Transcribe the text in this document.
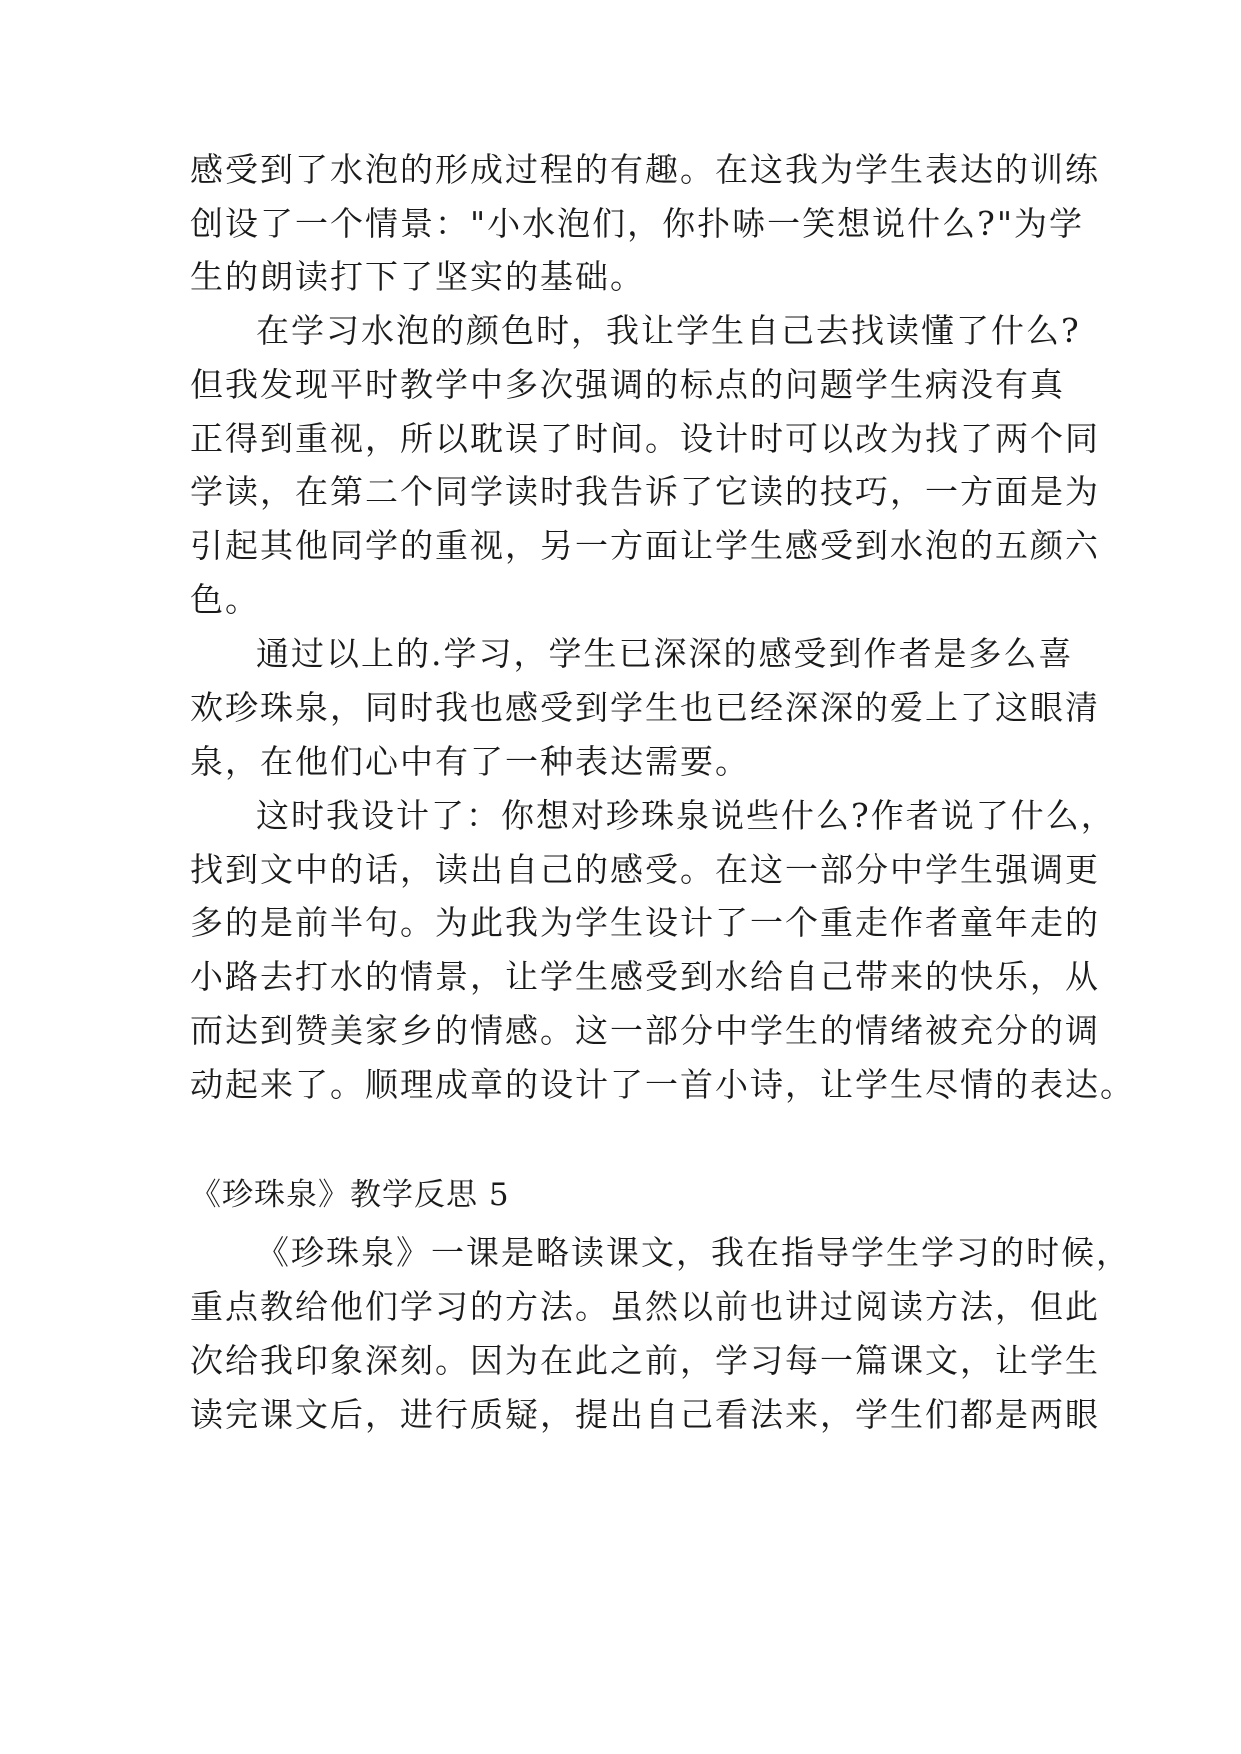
感受到了水泡的形成过程的有趣。在这我为学生表达的训练
创设了一个情景："小水泡们，你扑哧一笑想说什么?"为学
生的朗读打下了坚实的基础。
在学习水泡的颜色时，我让学生自己去找读懂了什么?
但我发现平时教学中多次强调的标点的问题学生病没有真
正得到重视，所以耽误了时间。设计时可以改为找了两个同
学读，在第二个同学读时我告诉了它读的技巧，一方面是为
引起其他同学的重视，另一方面让学生感受到水泡的五颜六
色。
通过以上的.学习，学生已深深的感受到作者是多么喜
欢珍珠泉，同时我也感受到学生也已经深深的爱上了这眼清
泉，在他们心中有了一种表达需要。
这时我设计了：你想对珍珠泉说些什么?作者说了什么，
找到文中的话，读出自己的感受。在这一部分中学生强调更
多的是前半句。为此我为学生设计了一个重走作者童年走的
小路去打水的情景，让学生感受到水给自己带来的快乐，从
而达到赞美家乡的情感。这一部分中学生的情绪被充分的调
动起来了。顺理成章的设计了一首小诗，让学生尽情的表达。
《珍珠泉》教学反思 5
《珍珠泉》一课是略读课文，我在指导学生学习的时候，
重点教给他们学习的方法。虽然以前也讲过阅读方法，但此
次给我印象深刻。因为在此之前，学习每一篇课文，让学生
读完课文后，进行质疑，提出自己看法来，学生们都是两眼
